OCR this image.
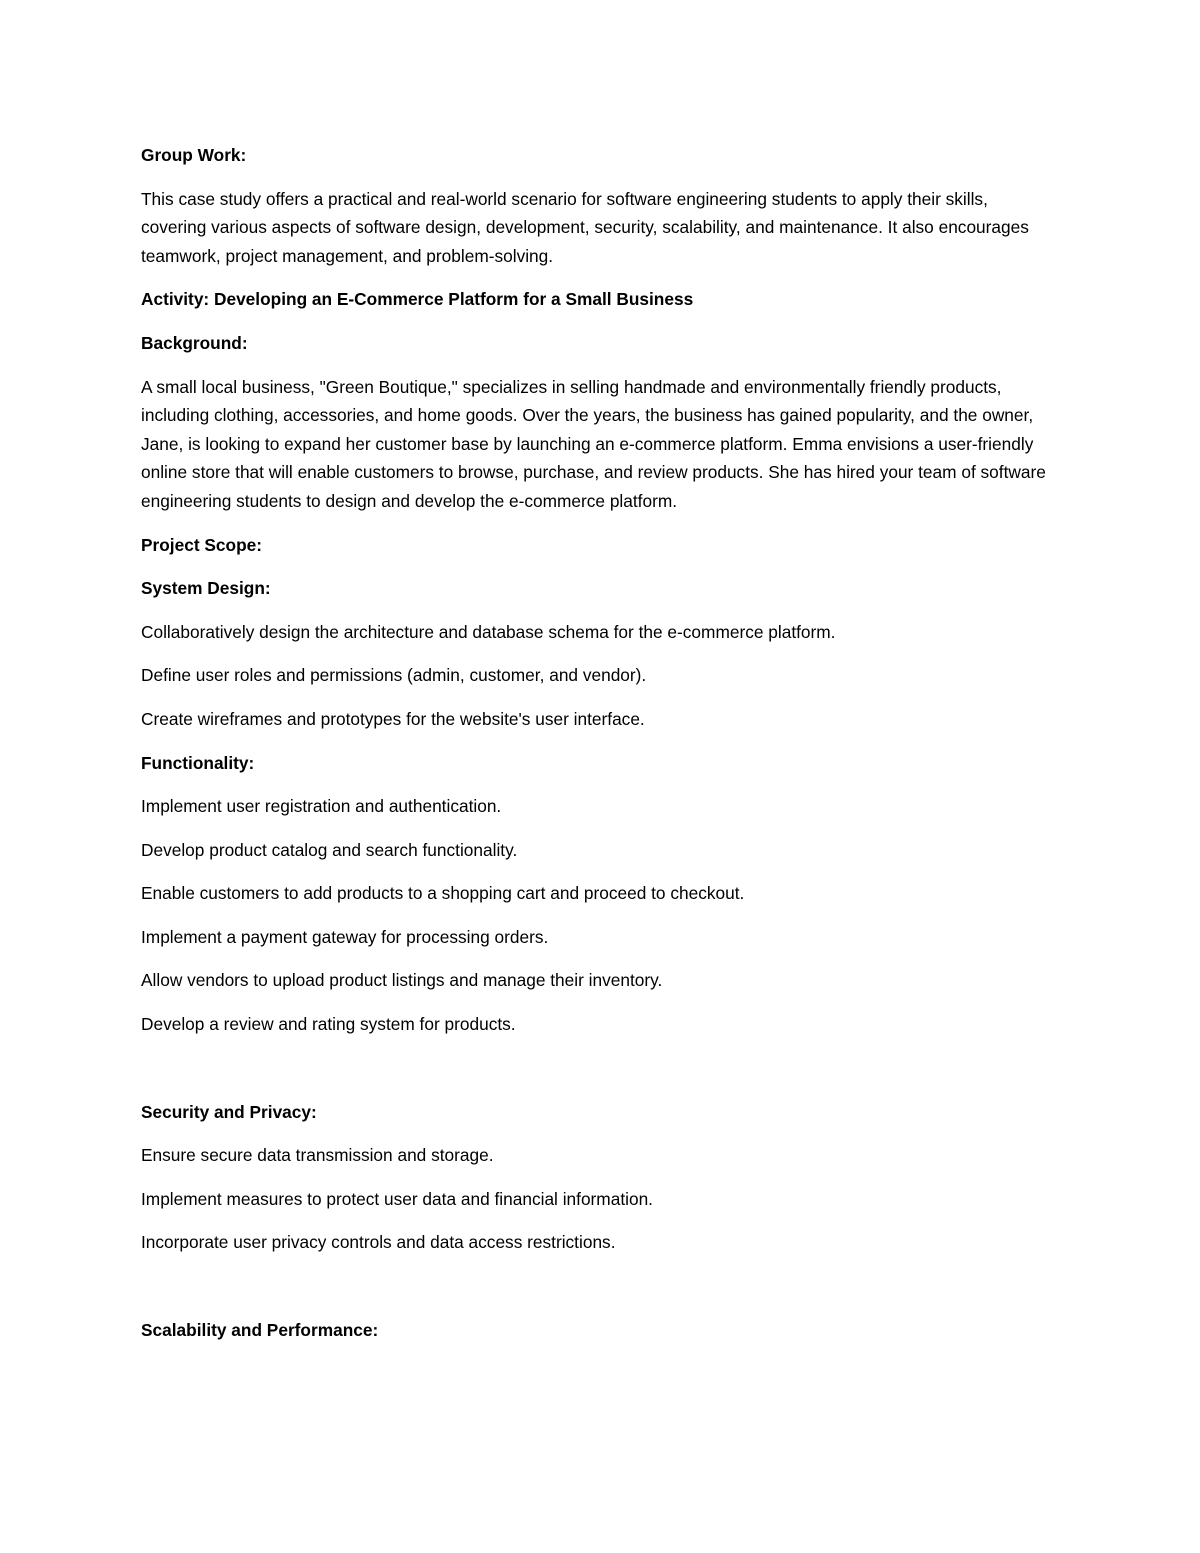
Group Work:
This case study offers a practical and real-world scenario for software engineering students to apply their skills, covering various aspects of software design, development, security, scalability, and maintenance. It also encourages teamwork, project management, and problem-solving.
Activity: Developing an E-Commerce Platform for a Small Business
Background:
A small local business, "Green Boutique," specializes in selling handmade and environmentally friendly products, including clothing, accessories, and home goods. Over the years, the business has gained popularity, and the owner, Jane, is looking to expand her customer base by launching an e-commerce platform. Emma envisions a user-friendly online store that will enable customers to browse, purchase, and review products. She has hired your team of software engineering students to design and develop the e-commerce platform.
Project Scope:
System Design:
Collaboratively design the architecture and database schema for the e-commerce platform.
Define user roles and permissions (admin, customer, and vendor).
Create wireframes and prototypes for the website's user interface.
Functionality:
Implement user registration and authentication.
Develop product catalog and search functionality.
Enable customers to add products to a shopping cart and proceed to checkout.
Implement a payment gateway for processing orders.
Allow vendors to upload product listings and manage their inventory.
Develop a review and rating system for products.
Security and Privacy:
Ensure secure data transmission and storage.
Implement measures to protect user data and financial information.
Incorporate user privacy controls and data access restrictions.
Scalability and Performance:
